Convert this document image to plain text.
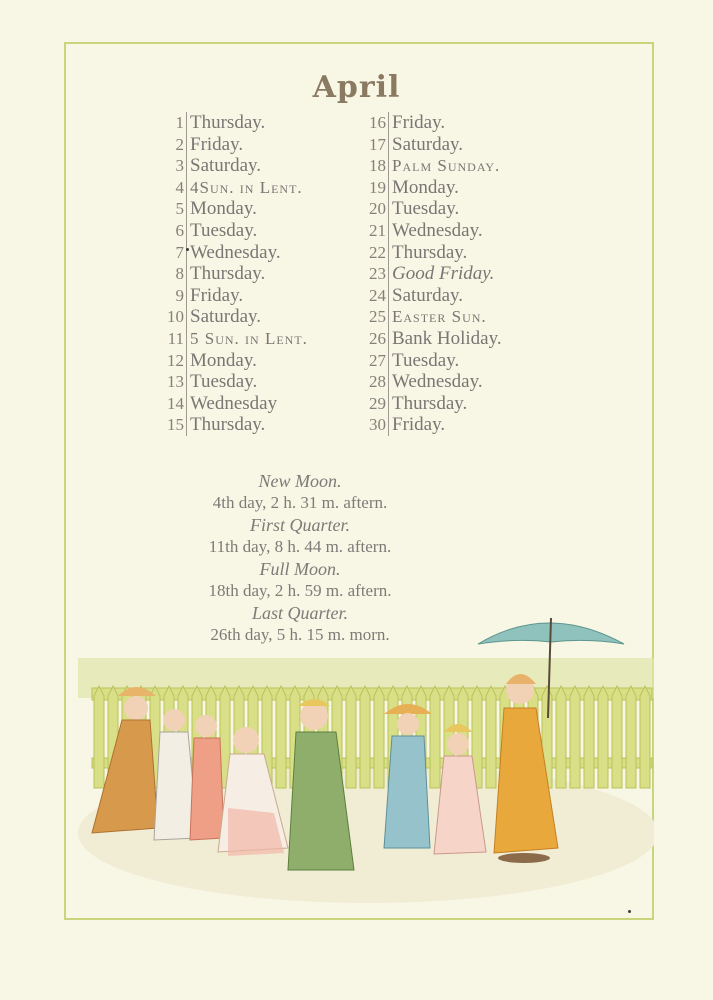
April
1 Thursday.
2 Friday.
3 Saturday.
4 4Sun. in Lent.
5 Monday.
6 Tuesday.
7 Wednesday.
8 Thursday.
9 Friday.
10 Saturday.
11 5 Sun. in Lent.
12 Monday.
13 Tuesday.
14 Wednesday
15 Thursday.
16 Friday.
17 Saturday.
18 Palm Sunday.
19 Monday.
20 Tuesday.
21 Wednesday.
22 Thursday.
23 Good Friday.
24 Saturday.
25 Easter Sun.
26 Bank Holiday.
27 Tuesday.
28 Wednesday.
29 Thursday.
30 Friday.
New Moon.
4th day, 2 h. 31 m. aftern.
First Quarter.
11th day, 8 h. 44 m. aftern.
Full Moon.
18th day, 2 h. 59 m. aftern.
Last Quarter.
26th day, 5 h. 15 m. morn.
